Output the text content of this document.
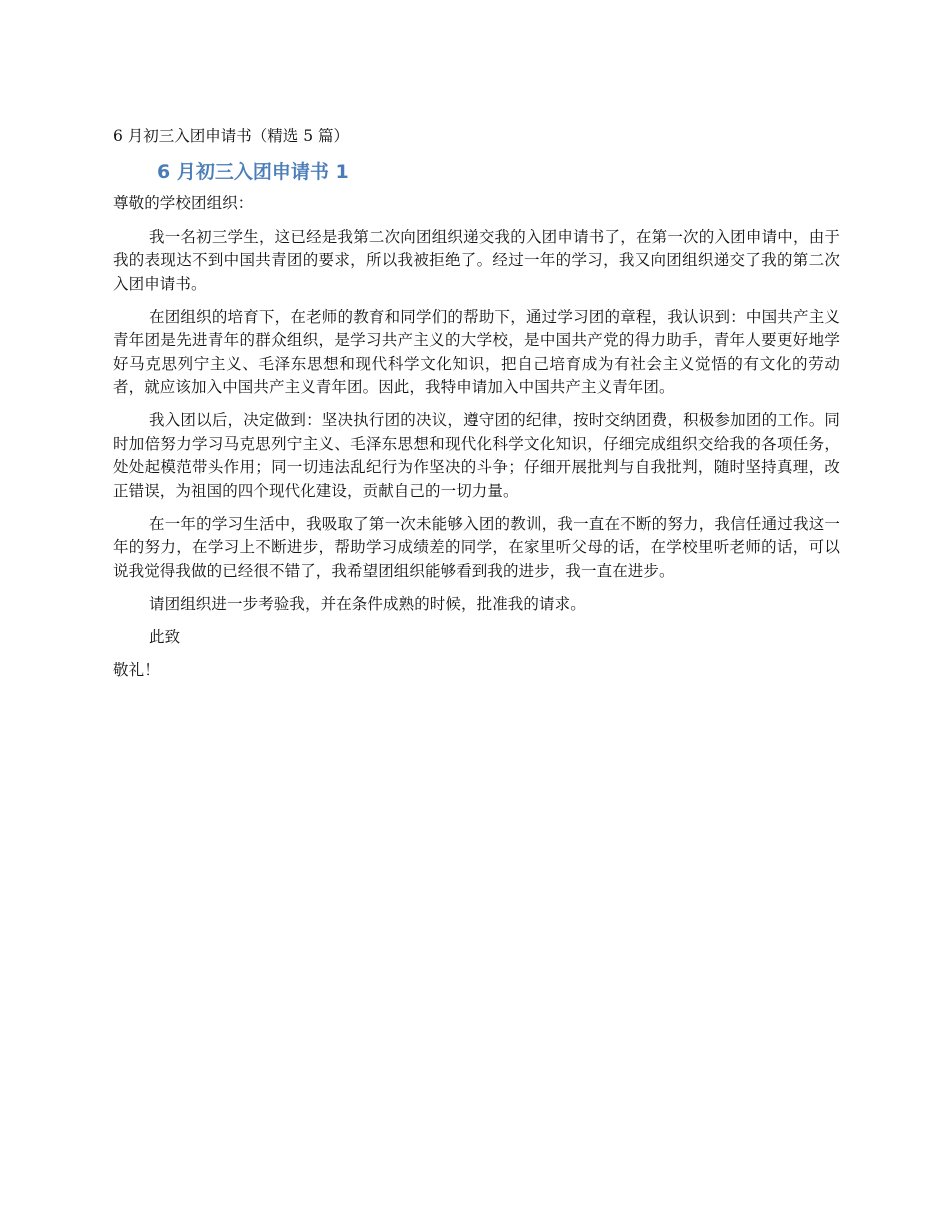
6 月初三入团申请书（精选 5 篇）
6 月初三入团申请书 1

尊敬的学校团组织：

我一名初三学生，这已经是我第二次向团组织递交我的入团申请书了，在第一次的入团申请中，由于我的表现达不到中国共青团的要求，所以我被拒绝了。经过一年的学习，我又向团组织递交了我的第二次入团申请书。

在团组织的培育下，在老师的教育和同学们的帮助下，通过学习团的章程，我认识到：中国共产主义青年团是先进青年的群众组织，是学习共产主义的大学校，是中国共产党的得力助手，青年人要更好地学好马克思列宁主义、毛泽东思想和现代科学文化知识，把自己培育成为有社会主义觉悟的有文化的劳动者，就应该加入中国共产主义青年团。因此，我特申请加入中国共产主义青年团。

我入团以后，决定做到：坚决执行团的决议，遵守团的纪律，按时交纳团费，积极参加团的工作。同时加倍努力学习马克思列宁主义、毛泽东思想和现代化科学文化知识，仔细完成组织交给我的各项任务，处处起模范带头作用；同一切违法乱纪行为作坚决的斗争；仔细开展批判与自我批判，随时坚持真理，改正错误，为祖国的四个现代化建设，贡献自己的一切力量。

在一年的学习生活中，我吸取了第一次未能够入团的教训，我一直在不断的努力，我信任通过我这一年的努力，在学习上不断进步，帮助学习成绩差的同学，在家里听父母的话，在学校里听老师的话，可以说我觉得我做的已经很不错了，我希望团组织能够看到我的进步，我一直在进步。

请团组织进一步考验我，并在条件成熟的时候，批准我的请求。

此致

敬礼！
